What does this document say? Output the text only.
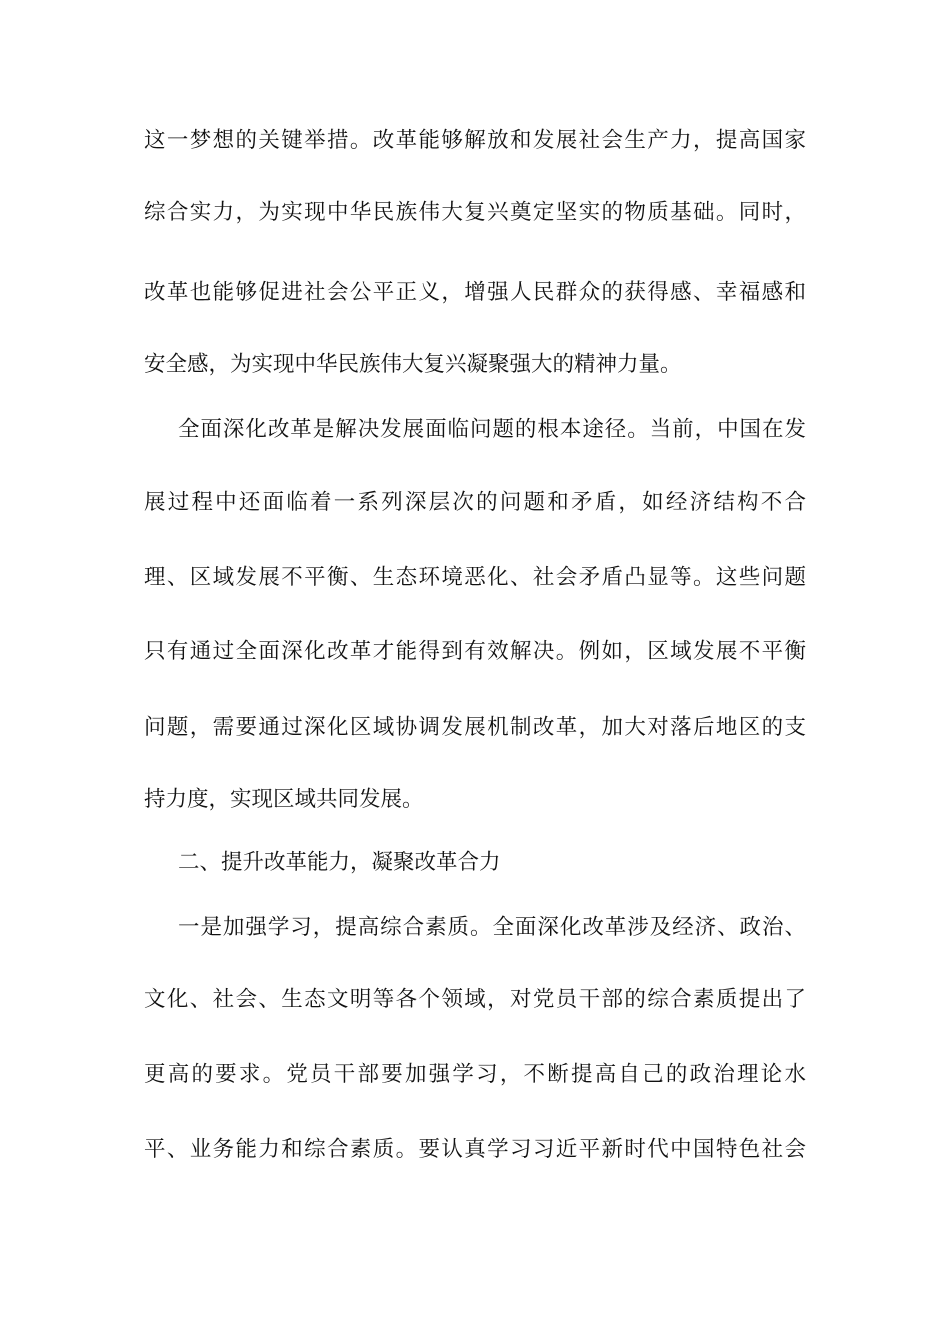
这一梦想的关键举措。改革能够解放和发展社会生产力，提高国家
综合实力，为实现中华民族伟大复兴奠定坚实的物质基础。同时，
改革也能够促进社会公平正义，增强人民群众的获得感、幸福感和
安全感，为实现中华民族伟大复兴凝聚强大的精神力量。
全面深化改革是解决发展面临问题的根本途径。当前，中国在发
展过程中还面临着一系列深层次的问题和矛盾，如经济结构不合
理、区域发展不平衡、生态环境恶化、社会矛盾凸显等。这些问题
只有通过全面深化改革才能得到有效解决。例如，区域发展不平衡
问题，需要通过深化区域协调发展机制改革，加大对落后地区的支
持力度，实现区域共同发展。
二、提升改革能力，凝聚改革合力
一是加强学习，提高综合素质。全面深化改革涉及经济、政治、
文化、社会、生态文明等各个领域，对党员干部的综合素质提出了
更高的要求。党员干部要加强学习，不断提高自己的政治理论水
平、业务能力和综合素质。要认真学习习近平新时代中国特色社会
